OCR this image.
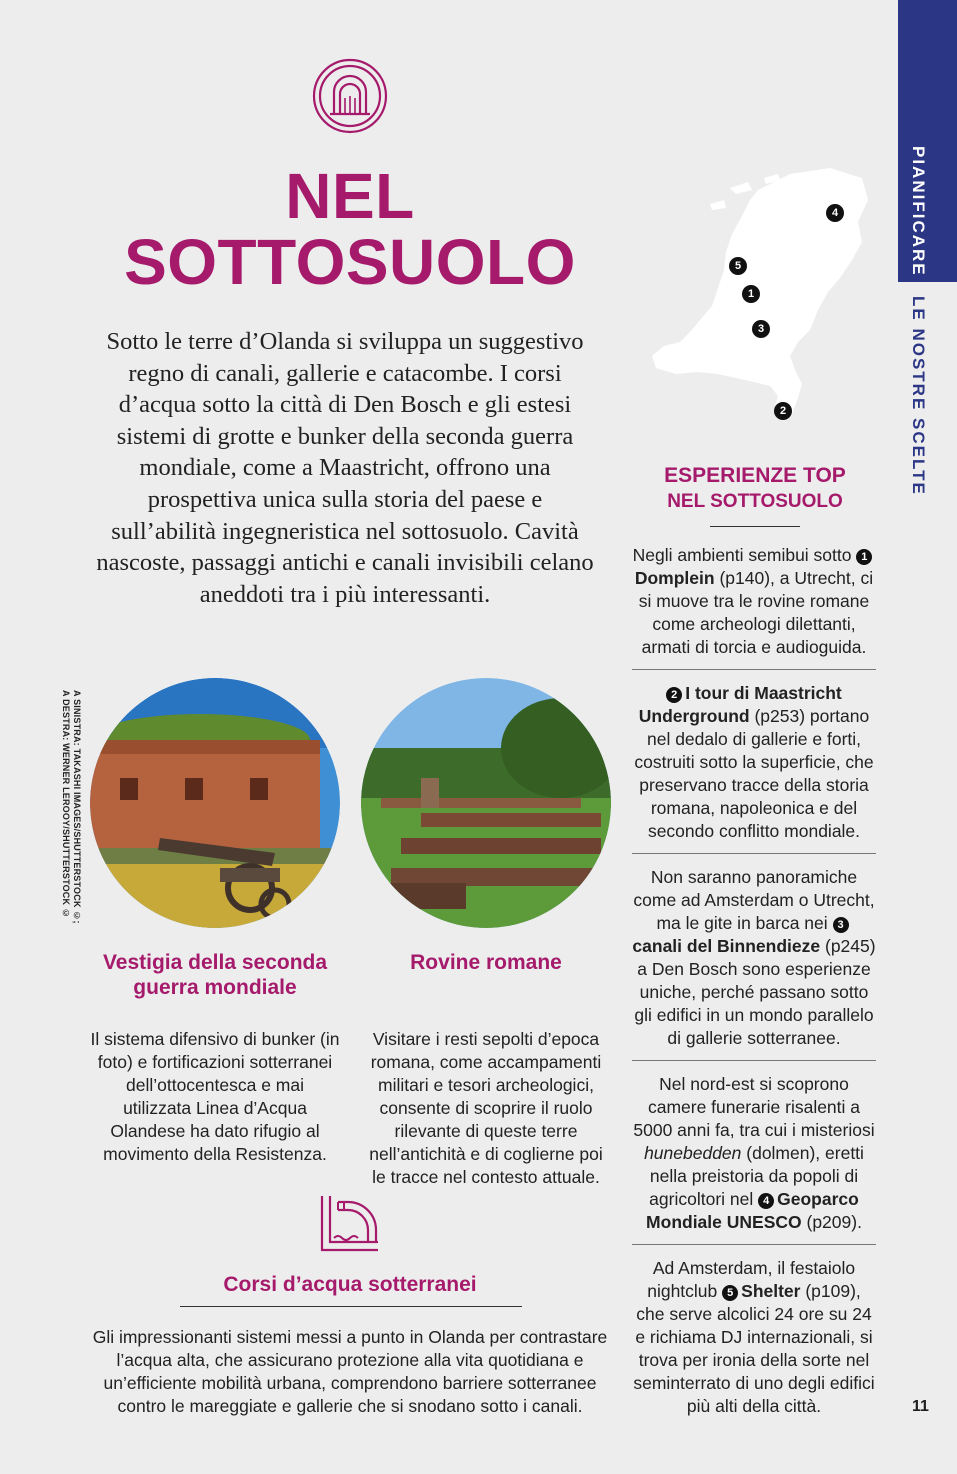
PIANIFICARE
LE NOSTRE SCELTE
11
NEL
SOTTOSUOLO
Sotto le terre d’Olanda si sviluppa un suggestivo regno di canali, gallerie e catacombe. I corsi d’acqua sotto la città di Den Bosch e gli estesi sistemi di grotte e bunker della seconda guerra mondiale, come a Maastricht, offrono una prospettiva unica sulla storia del paese e sull’abilità ingegneristica nel sottosuolo. Cavità nascoste, passaggi antichi e canali invisibili celano aneddoti tra i più interessanti.
4
5
1
3
2
ESPERIENZE TOP
NEL SOTTOSUOLO
Negli ambienti semibui sotto 1Domplein (p140), a Utrecht, ci si muove tra le rovine romane come archeologi dilettanti, armati di torcia e audioguida.
2 I tour di Maastricht Underground (p253) portano nel dedalo di gallerie e forti, costruiti sotto la superficie, che preservano tracce della storia romana, napoleonica e del secondo conflitto mondiale.
Non saranno panoramiche come ad Amsterdam o Utrecht, ma le gite in barca nei 3canali del Binnendieze (p245) a Den Bosch sono esperienze uniche, perché passano sotto gli edifici in un mondo parallelo di gallerie sotterranee.
Nel nord-est si scoprono camere funerarie risalenti a 5000 anni fa, tra cui i misteriosi hunebedden (dolmen), eretti nella preistoria da popoli di agricoltori nel 4 Geoparco Mondiale UNESCO (p209).
Ad Amsterdam, il festaiolo nightclub 5 Shelter (p109), che serve alcolici 24 ore su 24 e richiama DJ internazionali, si trova per ironia della sorte nel seminterrato di uno degli edifici più alti della città.
A SINISTRA: TAKASHI IMAGES/SHUTTERSTOCK ©;
A DESTRA: WERNER LEROOY/SHUTTERSTOCK ©
Vestigia della seconda guerra mondiale
Rovine romane
Il sistema difensivo di bunker (in foto) e fortificazioni sotterranei dell’ottocentesca e mai utilizzata Linea d’Acqua Olandese ha dato rifugio al movimento della Resistenza.
Visitare i resti sepolti d’epoca romana, come accampamenti militari e tesori archeologici, consente di scoprire il ruolo rilevante di queste terre nell’antichità e di coglierne poi le tracce nel contesto attuale.
Corsi d’acqua sotterranei
Gli impressionanti sistemi messi a punto in Olanda per contrastare l’acqua alta, che assicurano protezione alla vita quotidiana e un’efficiente mobilità urbana, comprendono barriere sotterranee contro le mareggiate e gallerie che si snodano sotto i canali.
